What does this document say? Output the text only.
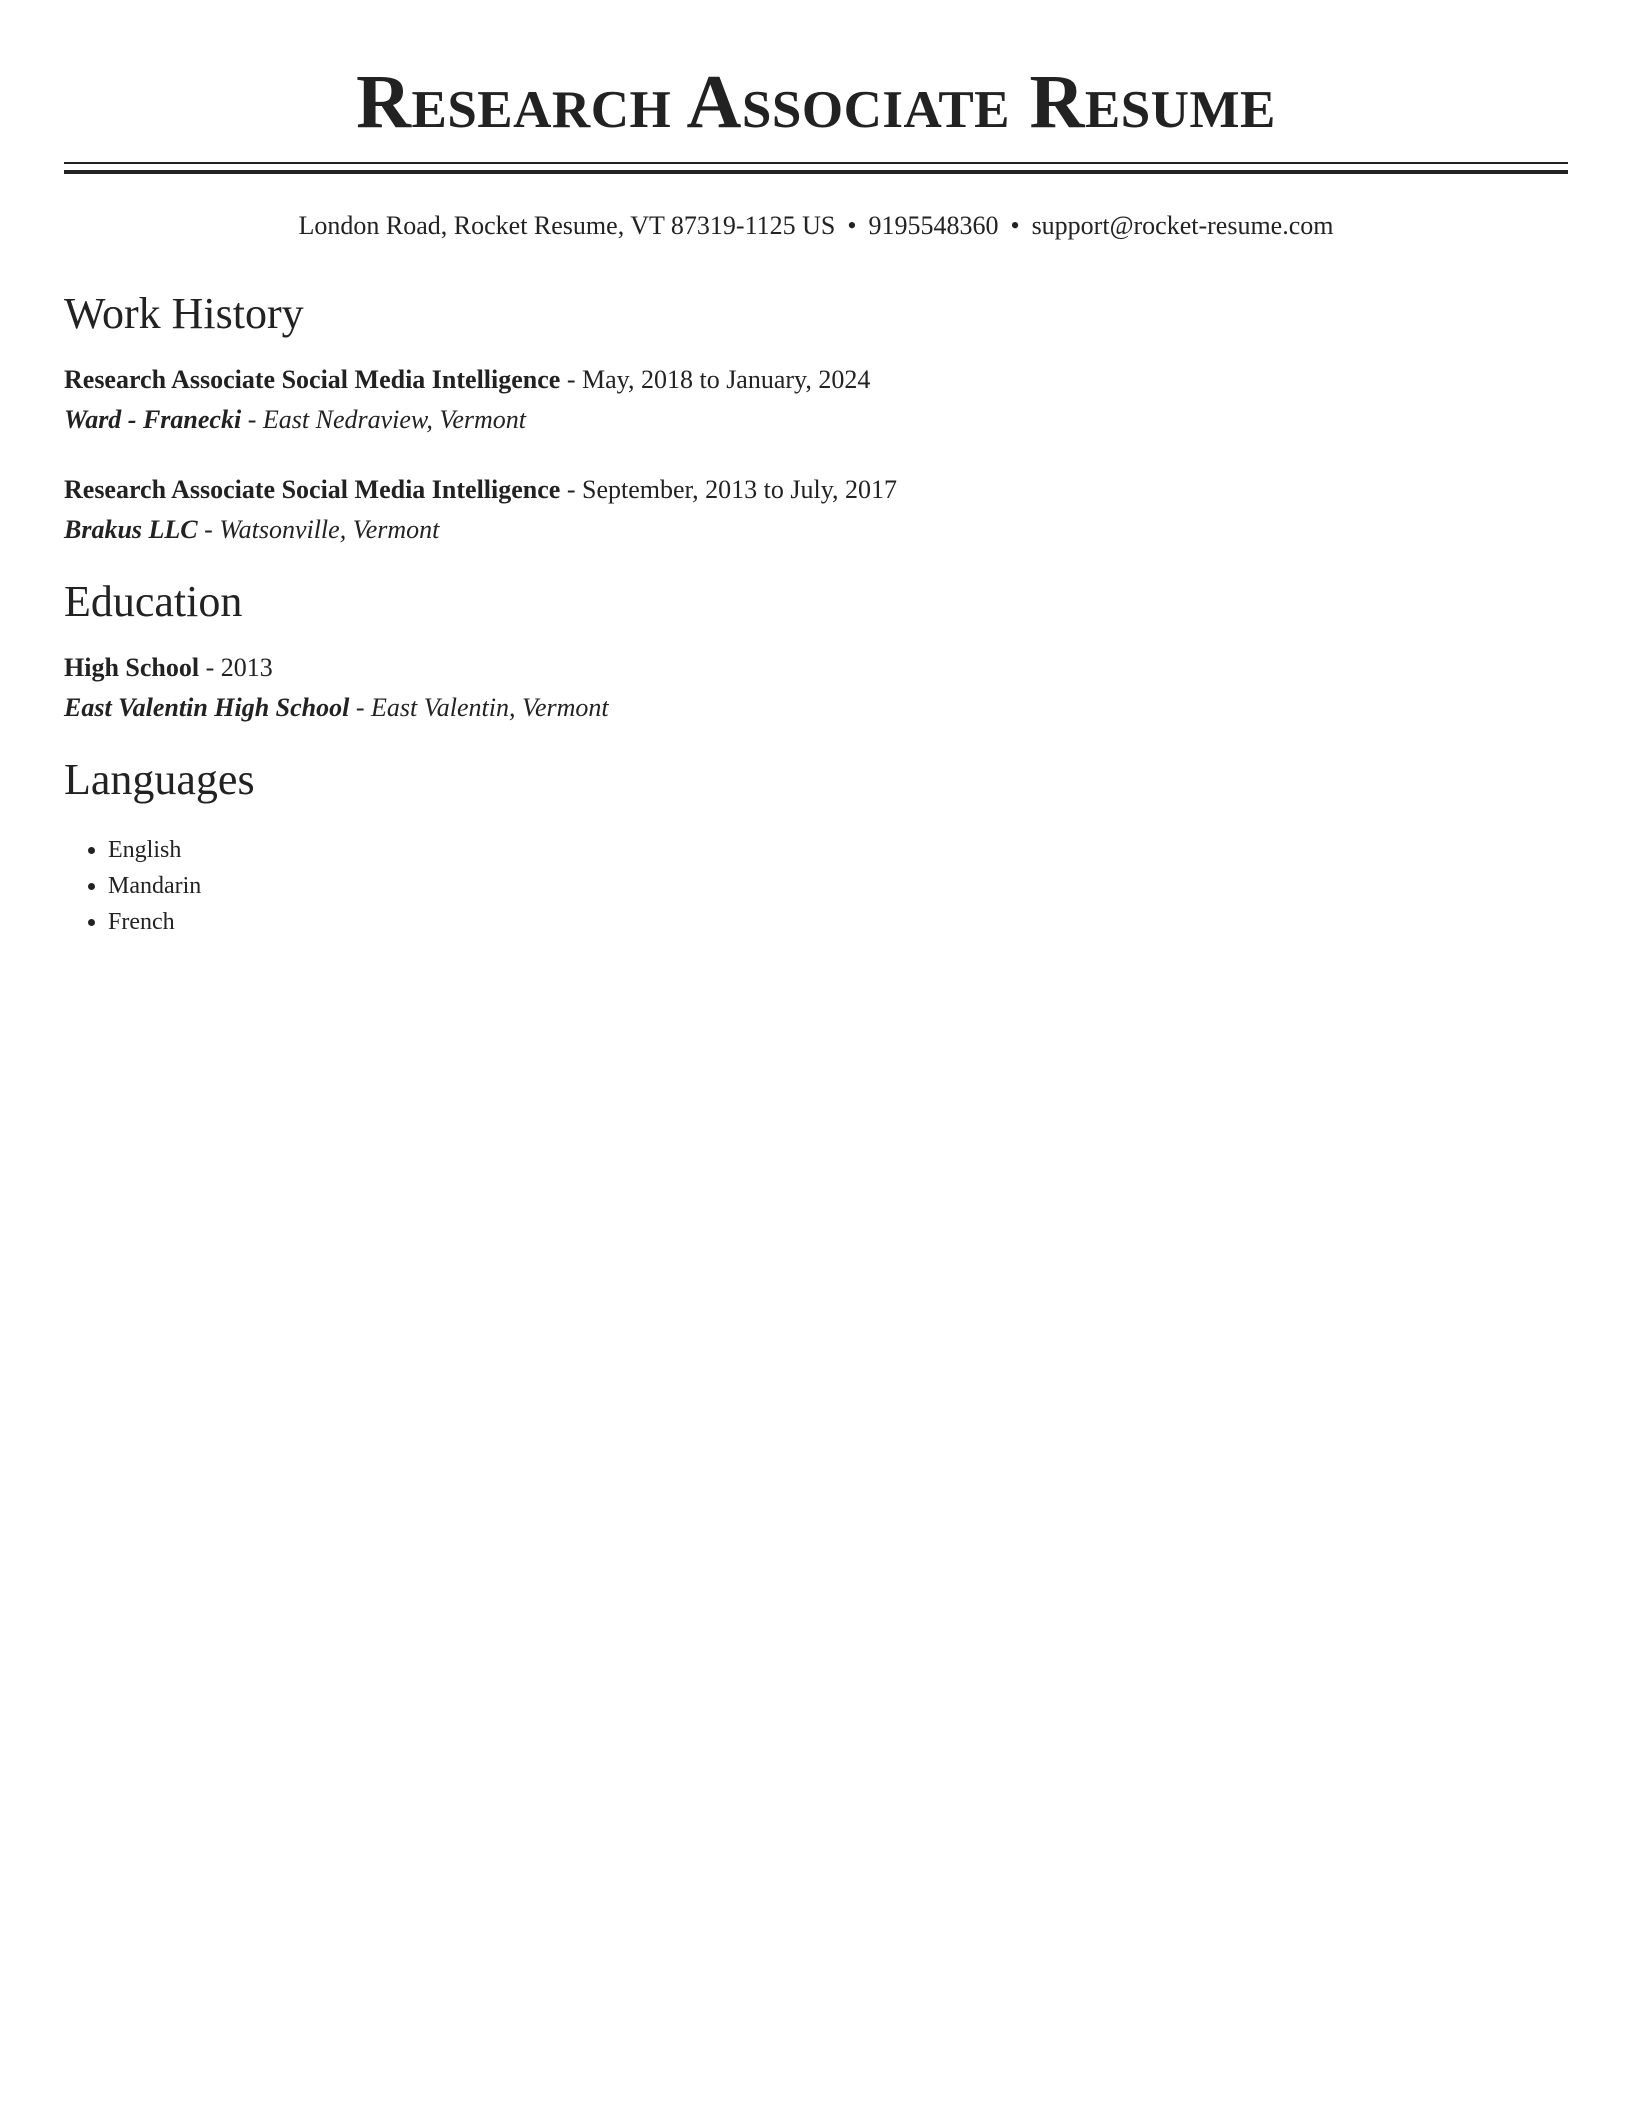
Research Associate Resume
London Road, Rocket Resume, VT 87319-1125 US • 9195548360 • support@rocket-resume.com
Work History
Research Associate Social Media Intelligence - May, 2018 to January, 2024
Ward - Franecki - East Nedraview, Vermont
Research Associate Social Media Intelligence - September, 2013 to July, 2017
Brakus LLC - Watsonville, Vermont
Education
High School - 2013
East Valentin High School - East Valentin, Vermont
Languages
• English
• Mandarin
• French
